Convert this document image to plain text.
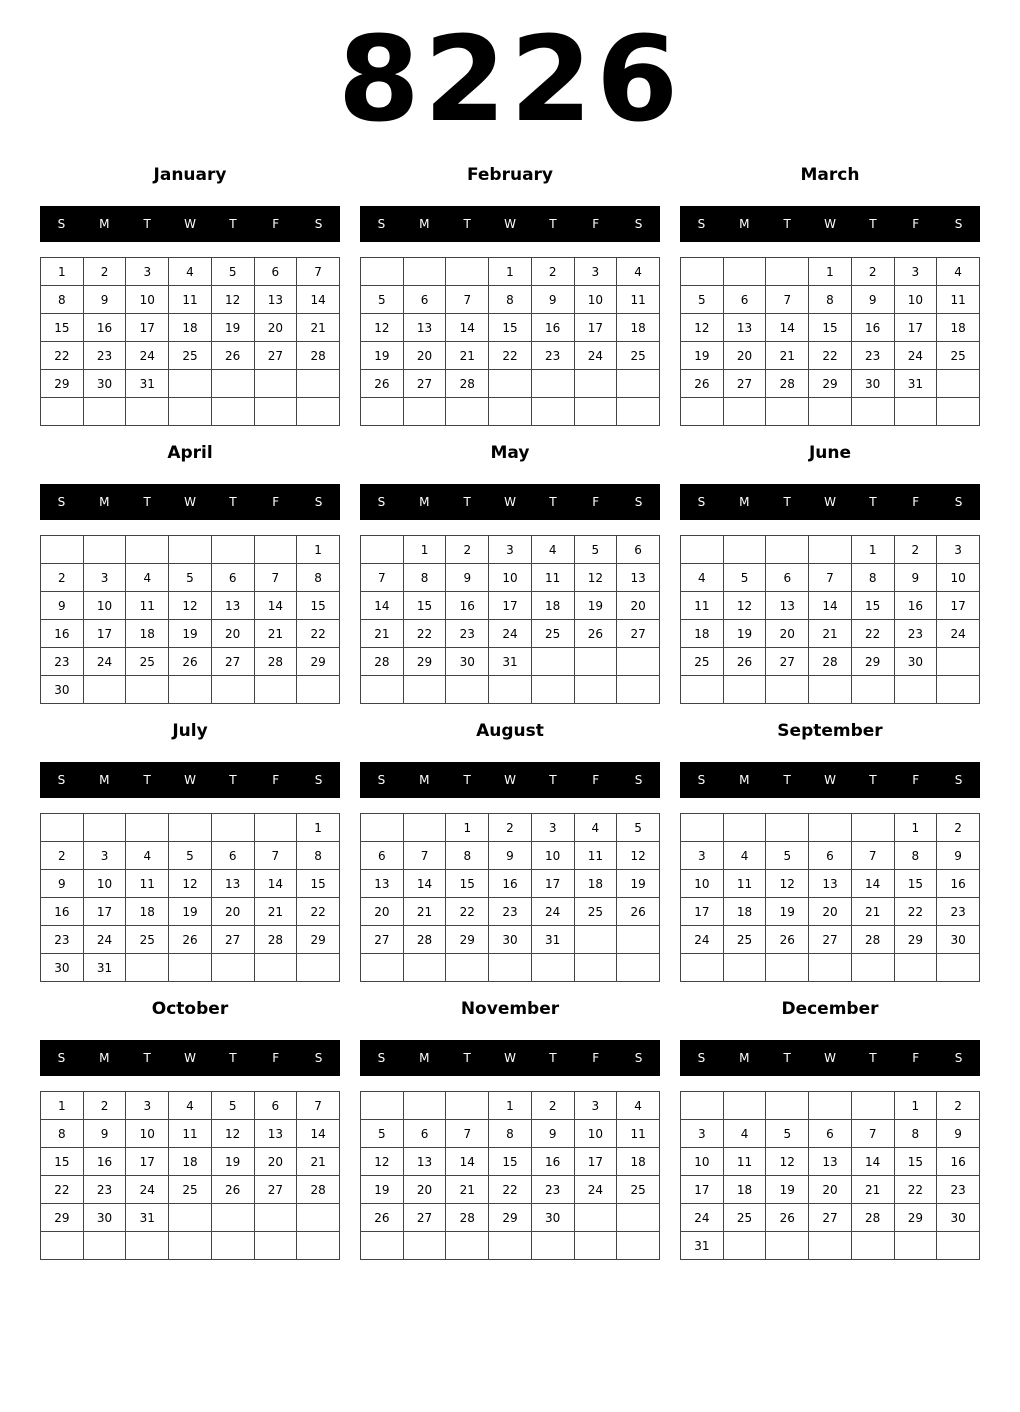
8226
January
S	M	T	W	T	F	S
1	2	3	4	5	6	7
8	9	10	11	12	13	14
15	16	17	18	19	20	21
22	23	24	25	26	27	28
29	30	31				

February
S	M	T	W	T	F	S
			1	2	3	4
5	6	7	8	9	10	11
12	13	14	15	16	17	18
19	20	21	22	23	24	25
26	27	28				

March
S	M	T	W	T	F	S
			1	2	3	4
5	6	7	8	9	10	11
12	13	14	15	16	17	18
19	20	21	22	23	24	25
26	27	28	29	30	31	

April
S	M	T	W	T	F	S
						1
2	3	4	5	6	7	8
9	10	11	12	13	14	15
16	17	18	19	20	21	22
23	24	25	26	27	28	29
30						
May
S	M	T	W	T	F	S
	1	2	3	4	5	6
7	8	9	10	11	12	13
14	15	16	17	18	19	20
21	22	23	24	25	26	27
28	29	30	31			

June
S	M	T	W	T	F	S
				1	2	3
4	5	6	7	8	9	10
11	12	13	14	15	16	17
18	19	20	21	22	23	24
25	26	27	28	29	30	

July
S	M	T	W	T	F	S
						1
2	3	4	5	6	7	8
9	10	11	12	13	14	15
16	17	18	19	20	21	22
23	24	25	26	27	28	29
30	31					
August
S	M	T	W	T	F	S
		1	2	3	4	5
6	7	8	9	10	11	12
13	14	15	16	17	18	19
20	21	22	23	24	25	26
27	28	29	30	31		

September
S	M	T	W	T	F	S
					1	2
3	4	5	6	7	8	9
10	11	12	13	14	15	16
17	18	19	20	21	22	23
24	25	26	27	28	29	30

October
S	M	T	W	T	F	S
1	2	3	4	5	6	7
8	9	10	11	12	13	14
15	16	17	18	19	20	21
22	23	24	25	26	27	28
29	30	31				

November
S	M	T	W	T	F	S
			1	2	3	4
5	6	7	8	9	10	11
12	13	14	15	16	17	18
19	20	21	22	23	24	25
26	27	28	29	30		

December
S	M	T	W	T	F	S
					1	2
3	4	5	6	7	8	9
10	11	12	13	14	15	16
17	18	19	20	21	22	23
24	25	26	27	28	29	30
31						
